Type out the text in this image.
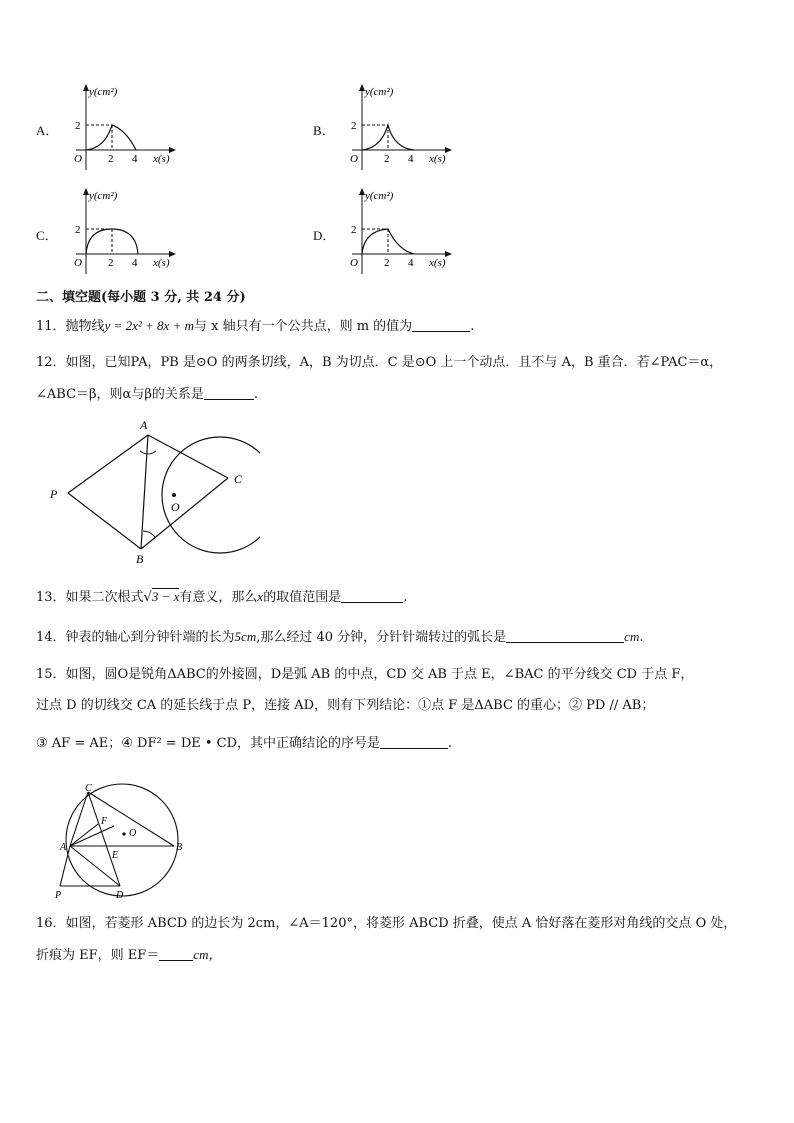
A．	B．
C．	D．
y(cm²)
2
O 2 4 x(s)
y(cm²)
2
O 2 4 x(s)
y(cm²)
2
O 2 4 x(s)
y(cm²)
2
O 2 4 x(s)
二、填空题(每小题 3 分, 共 24 分)
11．抛物线y = 2x² + 8x + m与 x 轴只有一个公共点，则 m 的值为	.
12．如图，已知PA，PB 是⊙O 的两条切线，A，B 为切点．C 是⊙O 上一个动点．且不与 A，B 重合．若∠PAC＝α，
∠ABC＝β，则α与β的关系是	.
A
B
C
P
O
13．如果二次根式√3 − x有意义，那么x的取值范围是	.
14．钟表的轴心到分钟针端的长为5cm,那么经过 40 分钟，分针针端转过的弧长是	cm.
15．如图，圆O是锐角ΔABC的外接圆，D是弧 AB 的中点，CD 交 AB 于点 E，∠BAC 的平分线交 CD 于点 F，
过点 D 的切线交 CA 的延长线于点 P，连接 AD，则有下列结论：①点 F 是ΔABC 的重心；② PD // AB；
③ AF = AE；④ DF² = DE • CD，其中正确结论的序号是	.
C
F
O
A
E
B
P	D
16．如图，若菱形 ABCD 的边长为 2cm，∠A＝120°，将菱形 ABCD 折叠，使点 A 恰好落在菱形对角线的交点 O 处，
折痕为 EF，则 EF＝	cm，
